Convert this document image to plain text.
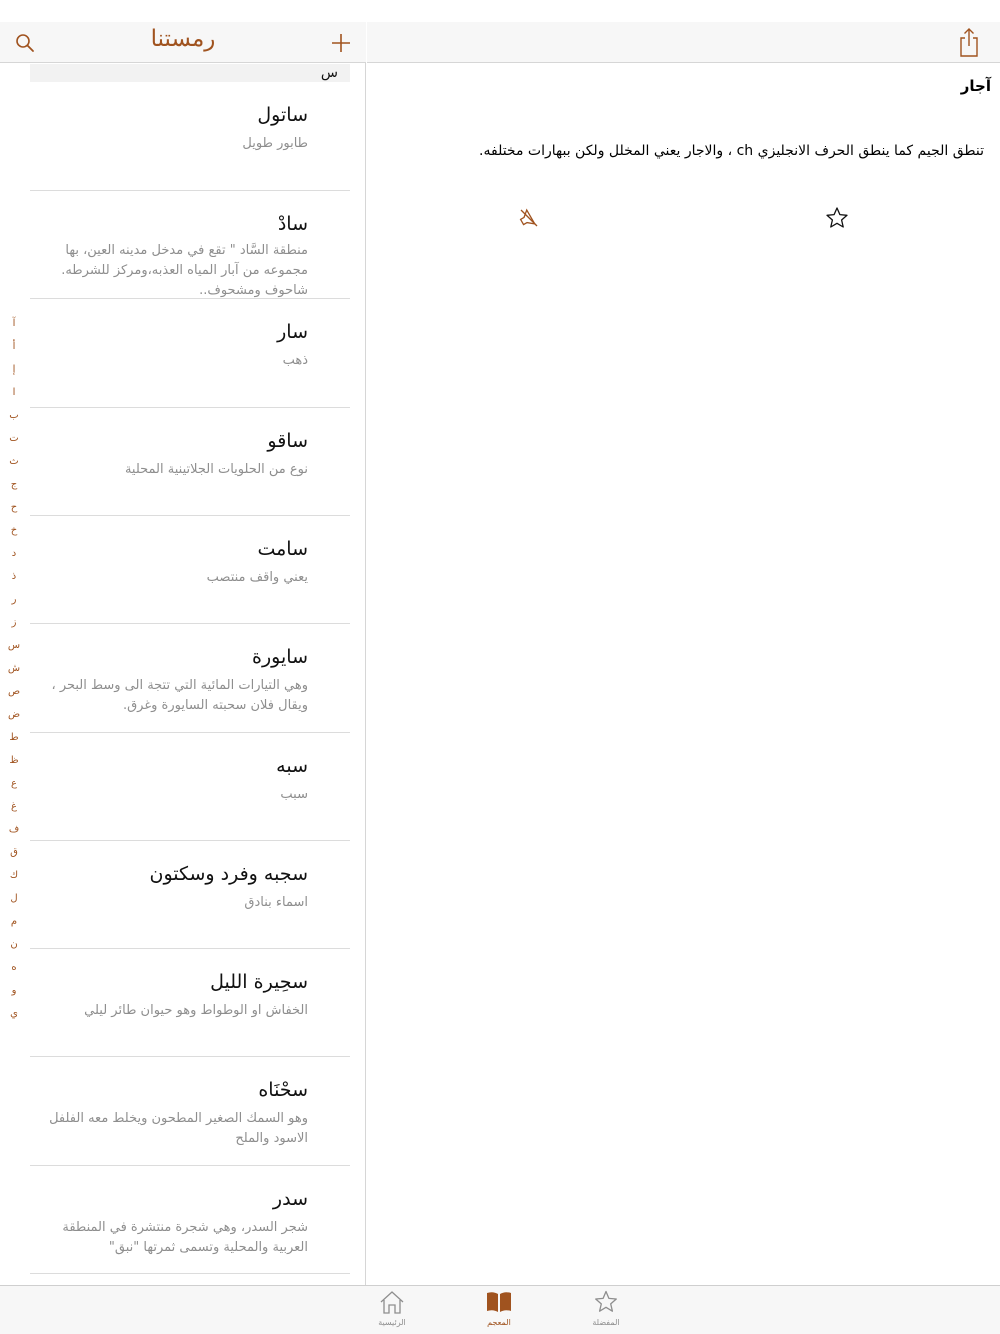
رمستنا
س
ساتول
طابور طويل
سادْ
منطقة السَّاد " تقع في مدخل مدينه العين، بها مجموعه من آبار المياه العذبه،ومركز للشرطه. شاحوف ومشحوف..
سار
ذهب
ساقو
نوع من الحلويات الجلاتينية المحلية
سامت
يعني واقف منتصب
سايورة
وهي التيارات المائية التي تتجة الى وسط البحر ، ويقال فلان سحبته السايورة وغرق.
سبه
سبب
سجبه وفرد وسكتون
اسماء بنادق
سحِيرة الليل
الخفاش او الوطواط وهو حيوان طائر ليلي
سحْنَاه
وهو السمك الصغير المطحون ويخلط معه الفلفل الاسود والملح
سدر
شجر السدر، وهي شجرة منتشرة في المنطقة العربية والمحلية وتسمى ثمرتها "نبق"
آ
أ
إ
ا
ب
ت
ث
ج
ح
خ
د
ذ
ر
ز
س
ش
ص
ض
ط
ظ
ع
غ
ف
ق
ك
ل
م
ن
ه
و
ي
آجار
تنطق الجيم كما ينطق الحرف الانجليزي ch ، والاجار يعني المخلل ولكن ببهارات مختلفه.
الرئيسية	المعجم	المفضلة
